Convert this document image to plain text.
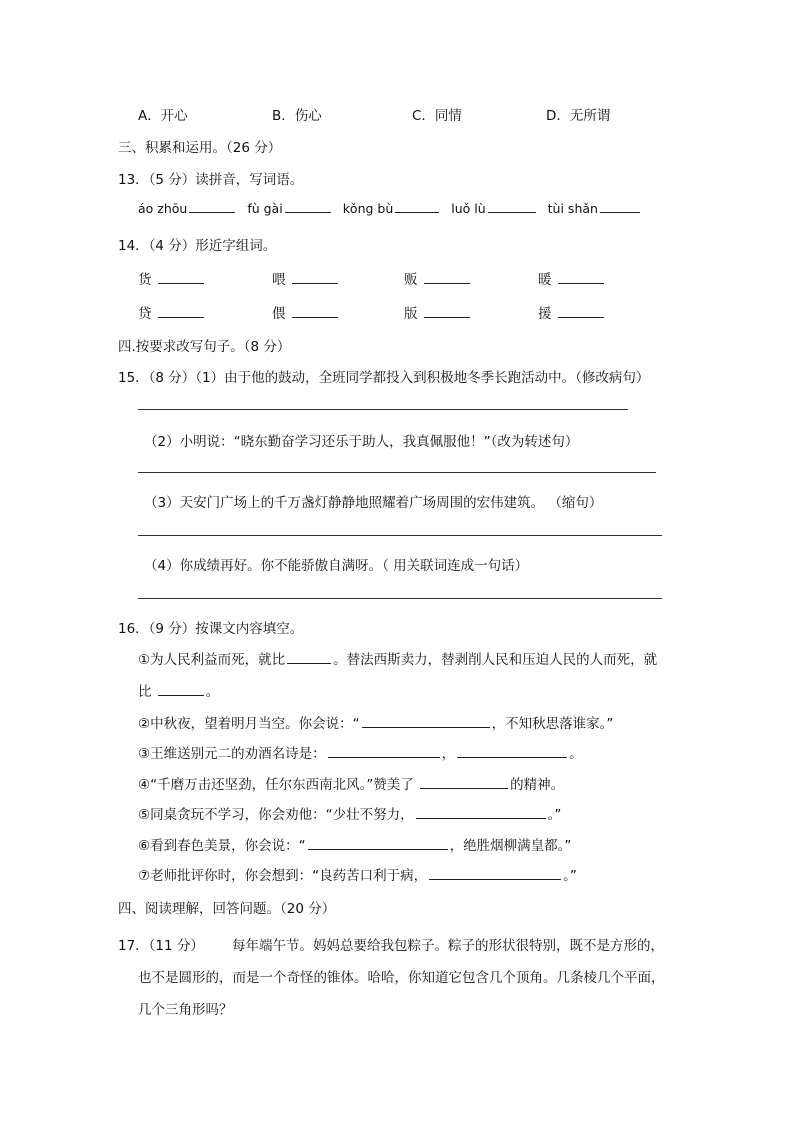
A．开心	B．伤心	C．同情	D．无所谓
三、积累和运用。（26 分）
13．（5 分）读拼音，写词语。
áo zhōu	fù gài	kǒng bù	luǒ lù	tùi shǎn
14．（4 分）形近字组词。
货	喂	贩	暖
贷	偎	版	援
四.按要求改写句子。（8 分）
15．（8 分）（1）由于他的鼓动，全班同学都投入到积极地冬季长跑活动中。（修改病句）
（2）小明说：“晓东勤奋学习还乐于助人，我真佩服他！”（改为转述句）
（3）天安门广场上的千万盏灯静静地照耀着广场周围的宏伟建筑。 （缩句）
（4）你成绩再好。你不能骄傲自满呀。（ 用关联词连成一句话）
16．（9 分）按课文内容填空。
①为人民利益而死，就比	。替法西斯卖力，替剥削人民和压迫人民的人而死，就
比	。
②中秋夜，望着明月当空。你会说：“	，不知秋思落谁家。”
③王维送别元二的劝酒名诗是：	，	。
④“千磨万击还坚劲，任尔东西南北风。”赞美了	的精神。
⑤同桌贪玩不学习，你会劝他：“少壮不努力，	。”
⑥看到春色美景，你会说：“	，绝胜烟柳满皇都。”
⑦老师批评你时，你会想到：“良药苦口利于病，	。”
四、阅读理解，回答问题。（20 分）
17．（11 分） 每年端午节。妈妈总要给我包粽子。粽子的形状很特别，既不是方形的，
也不是圆形的，而是一个奇怪的锥体。哈哈，你知道它包含几个顶角。几条棱几个平面，
几个三角形吗？
